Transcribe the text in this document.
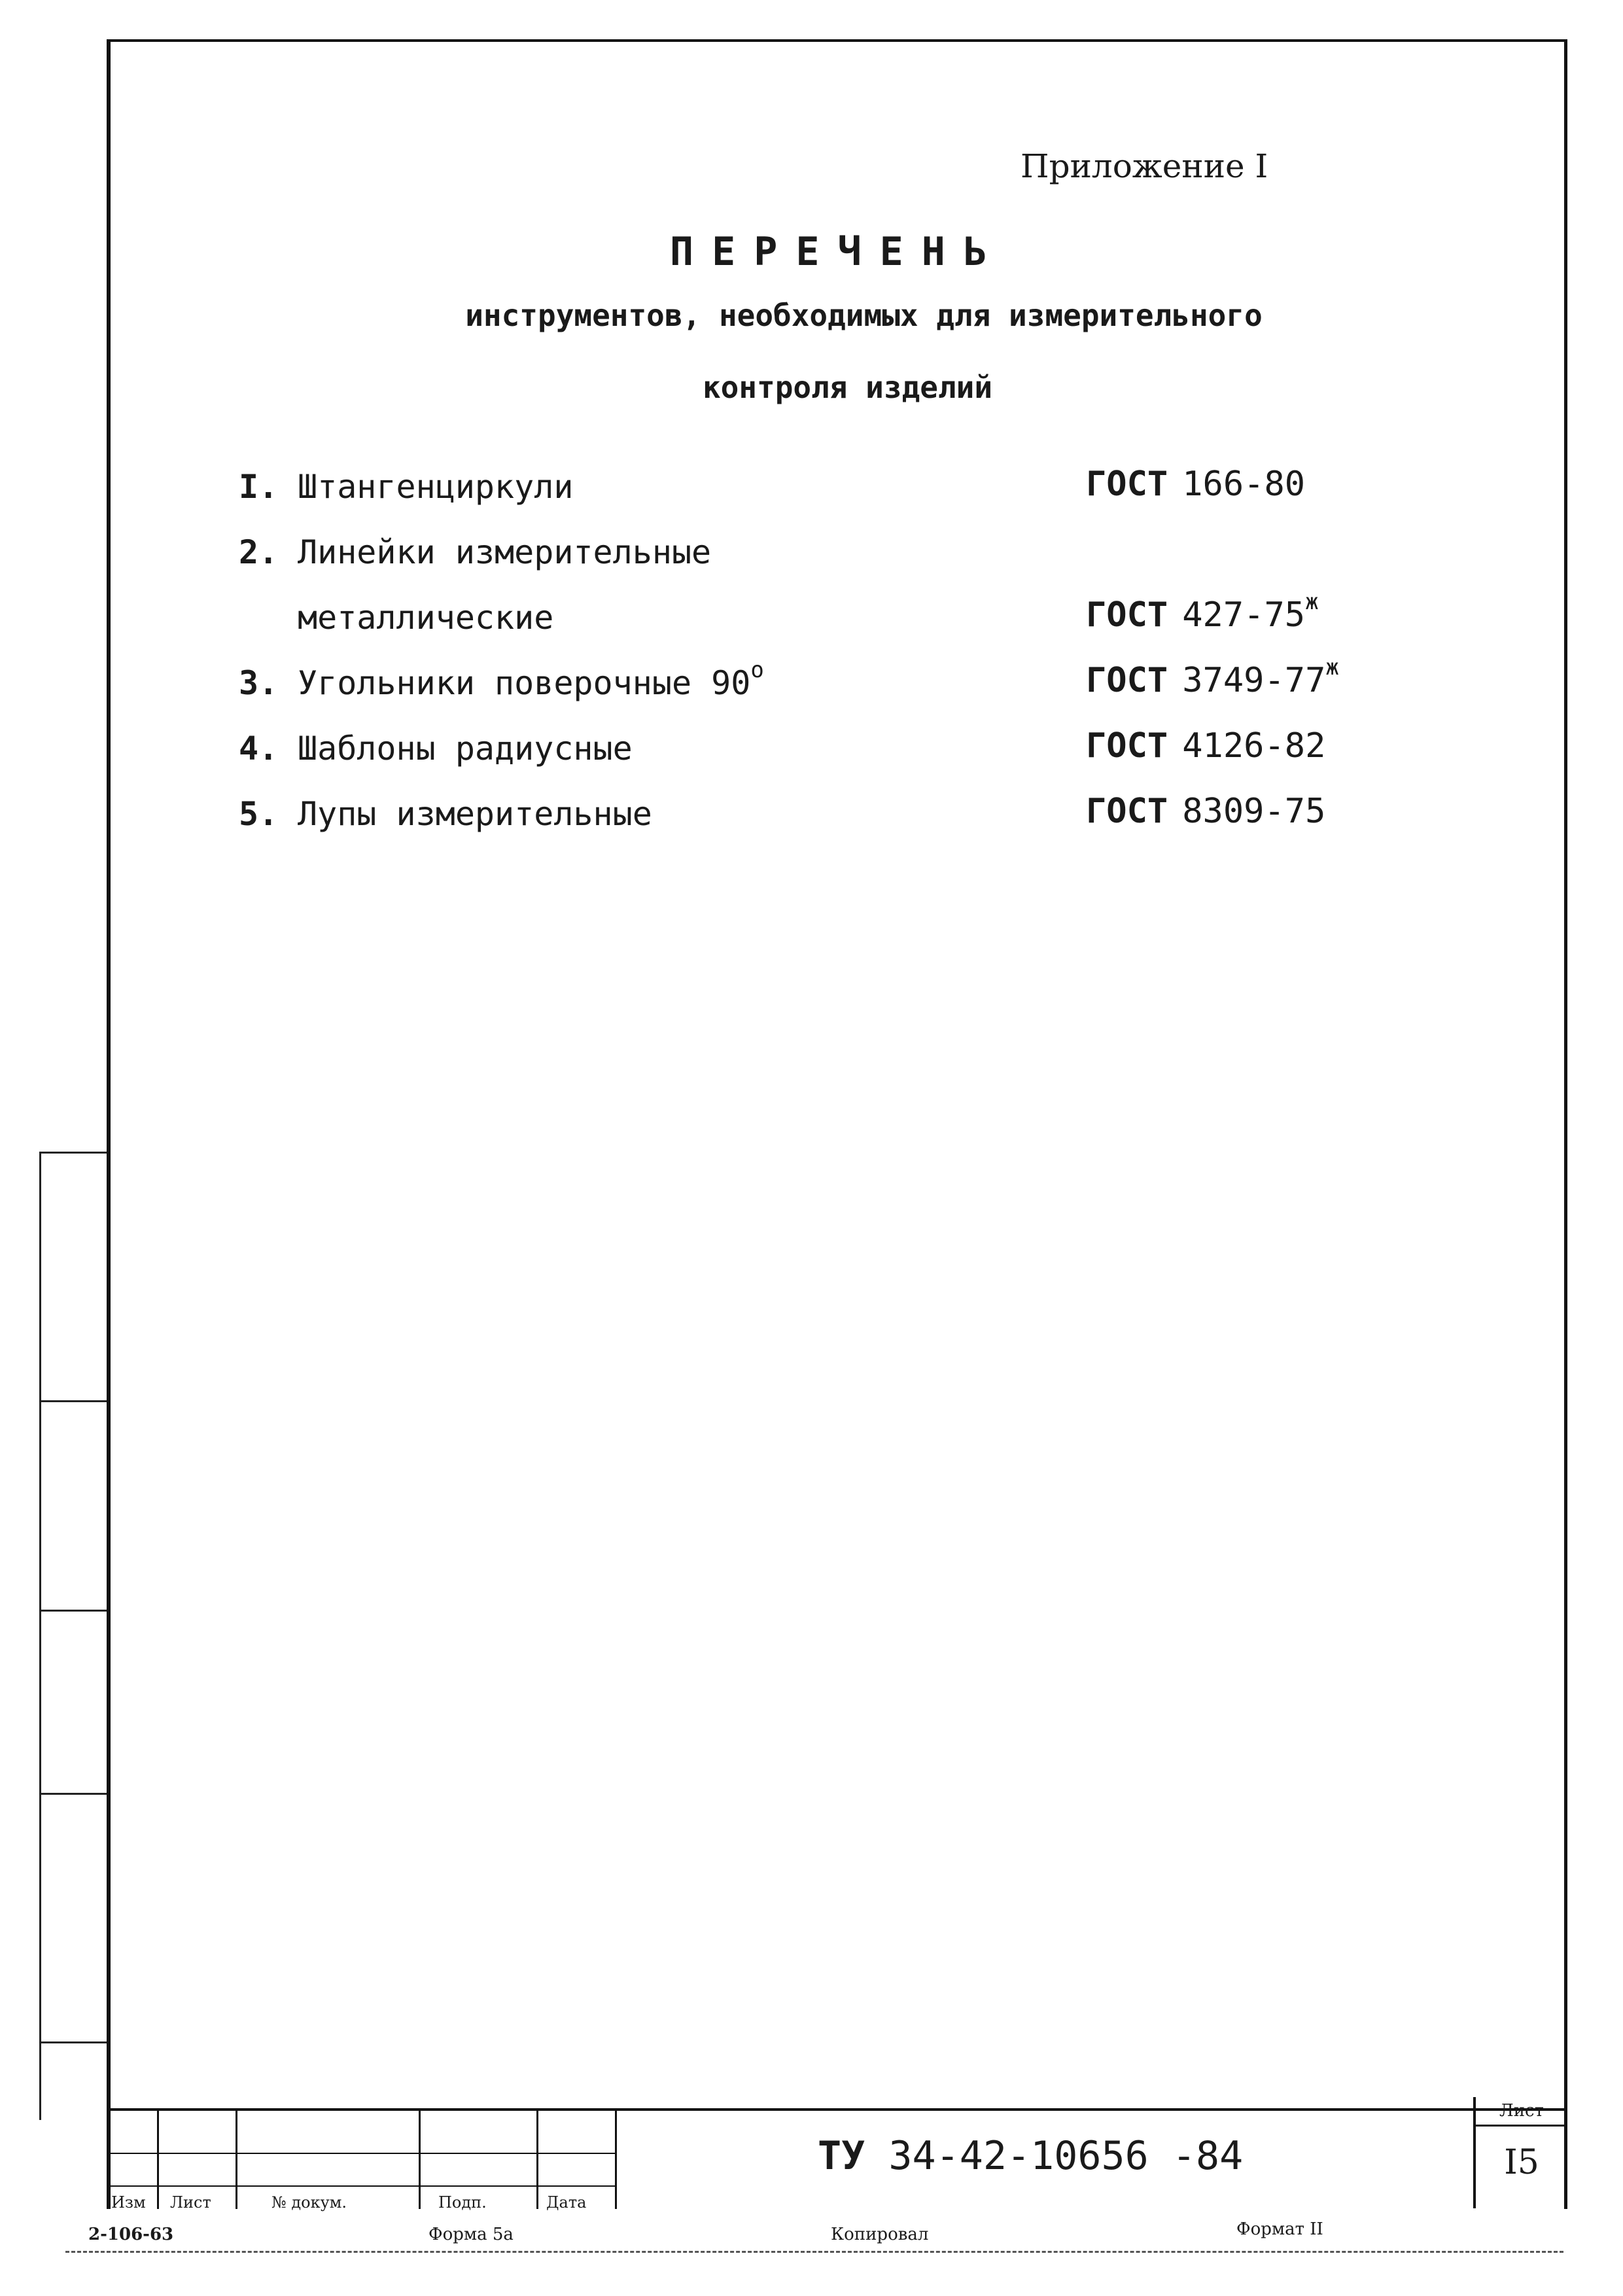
Приложение I
ПЕРЕЧЕНЬ
инструментов, необходимых для измерительного
контроля изделий
I. Штангенциркули	ГОСТ 166-80
2. Линейки измерительные
металлические	ГОСТ $427-75^ж$
3. Угольники поверочные $90^о$	ГОСТ $3749-77^ж$
4. Шаблоны радиусные	ГОСТ 4126-82
5. Лупы измерительные	ГОСТ 8309-75
Изм Лист	№ докум.	Подп.	Дата
ТУ 34-42-10656 -84
Лист
I5
2-106-63	Форма 5а	Копировал	Формат II
